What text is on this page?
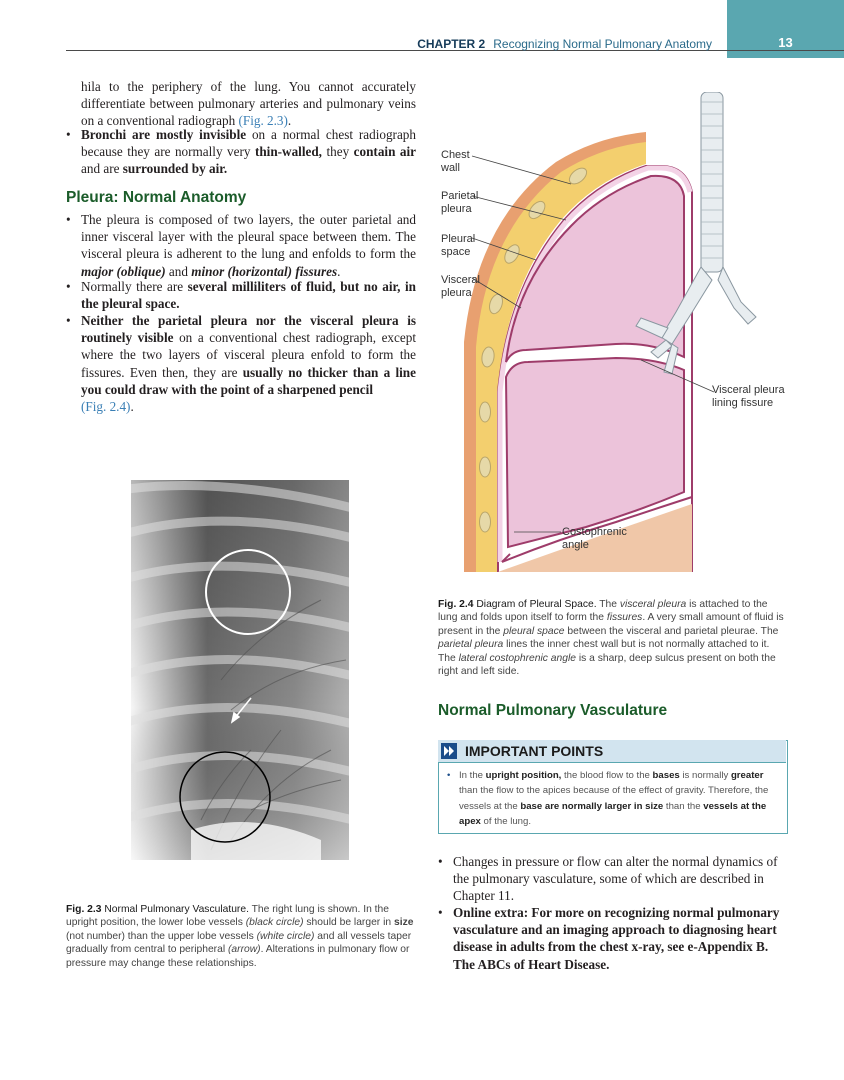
CHAPTER 2 Recognizing Normal Pulmonary Anatomy	13
hila to the periphery of the lung. You cannot accurately differentiate between pulmonary arteries and pulmonary veins on a conventional radiograph (Fig. 2.3).
• Bronchi are mostly invisible on a normal chest radiograph because they are normally very thin-walled, they contain air and are surrounded by air.
Pleura: Normal Anatomy
• The pleura is composed of two layers, the outer parietal and inner visceral layer with the pleural space between them. The visceral pleura is adherent to the lung and enfolds to form the major (oblique) and minor (horizontal) fissures.
• Normally there are several milliliters of fluid, but no air, in the pleural space.
• Neither the parietal pleura nor the visceral pleura is routinely visible on a conventional chest radiograph, except where the two layers of visceral pleura enfold to form the fissures. Even then, they are usually no thicker than a line you could draw with the point of a sharpened pencil
(Fig. 2.4).
Fig. 2.3 Normal Pulmonary Vasculature. The right lung is shown. In the upright position, the lower lobe vessels (black circle) should be larger in size (not number) than the upper lobe vessels (white circle) and all vessels taper gradually from central to peripheral (arrow). Alterations in pulmonary flow or pressure may change these relationships.
Chest
wall
Parietal
pleura
Pleural
space
Visceral
pleura
Visceral pleura
lining fissure
Costophrenic
angle
Fig. 2.4 Diagram of Pleural Space. The visceral pleura is attached to the lung and folds upon itself to form the fissures. A very small amount of fluid is present in the pleural space between the visceral and parietal pleurae. The parietal pleura lines the inner chest wall but is not normally attached to it. The lateral costophrenic angle is a sharp, deep sulcus present on both the right and left side.
Normal Pulmonary Vasculature
IMPORTANT POINTS
• In the upright position, the blood flow to the bases is normally greater than the flow to the apices because of the effect of gravity. Therefore, the vessels at the base are normally larger in size than the vessels at the apex of the lung.
• Changes in pressure or flow can alter the normal dynamics of the pulmonary vasculature, some of which are described in Chapter 11.
• Online extra: For more on recognizing normal pulmonary vasculature and an imaging approach to diagnosing heart disease in adults from the chest x-ray, see e-Appendix B. The ABCs of Heart Disease.
